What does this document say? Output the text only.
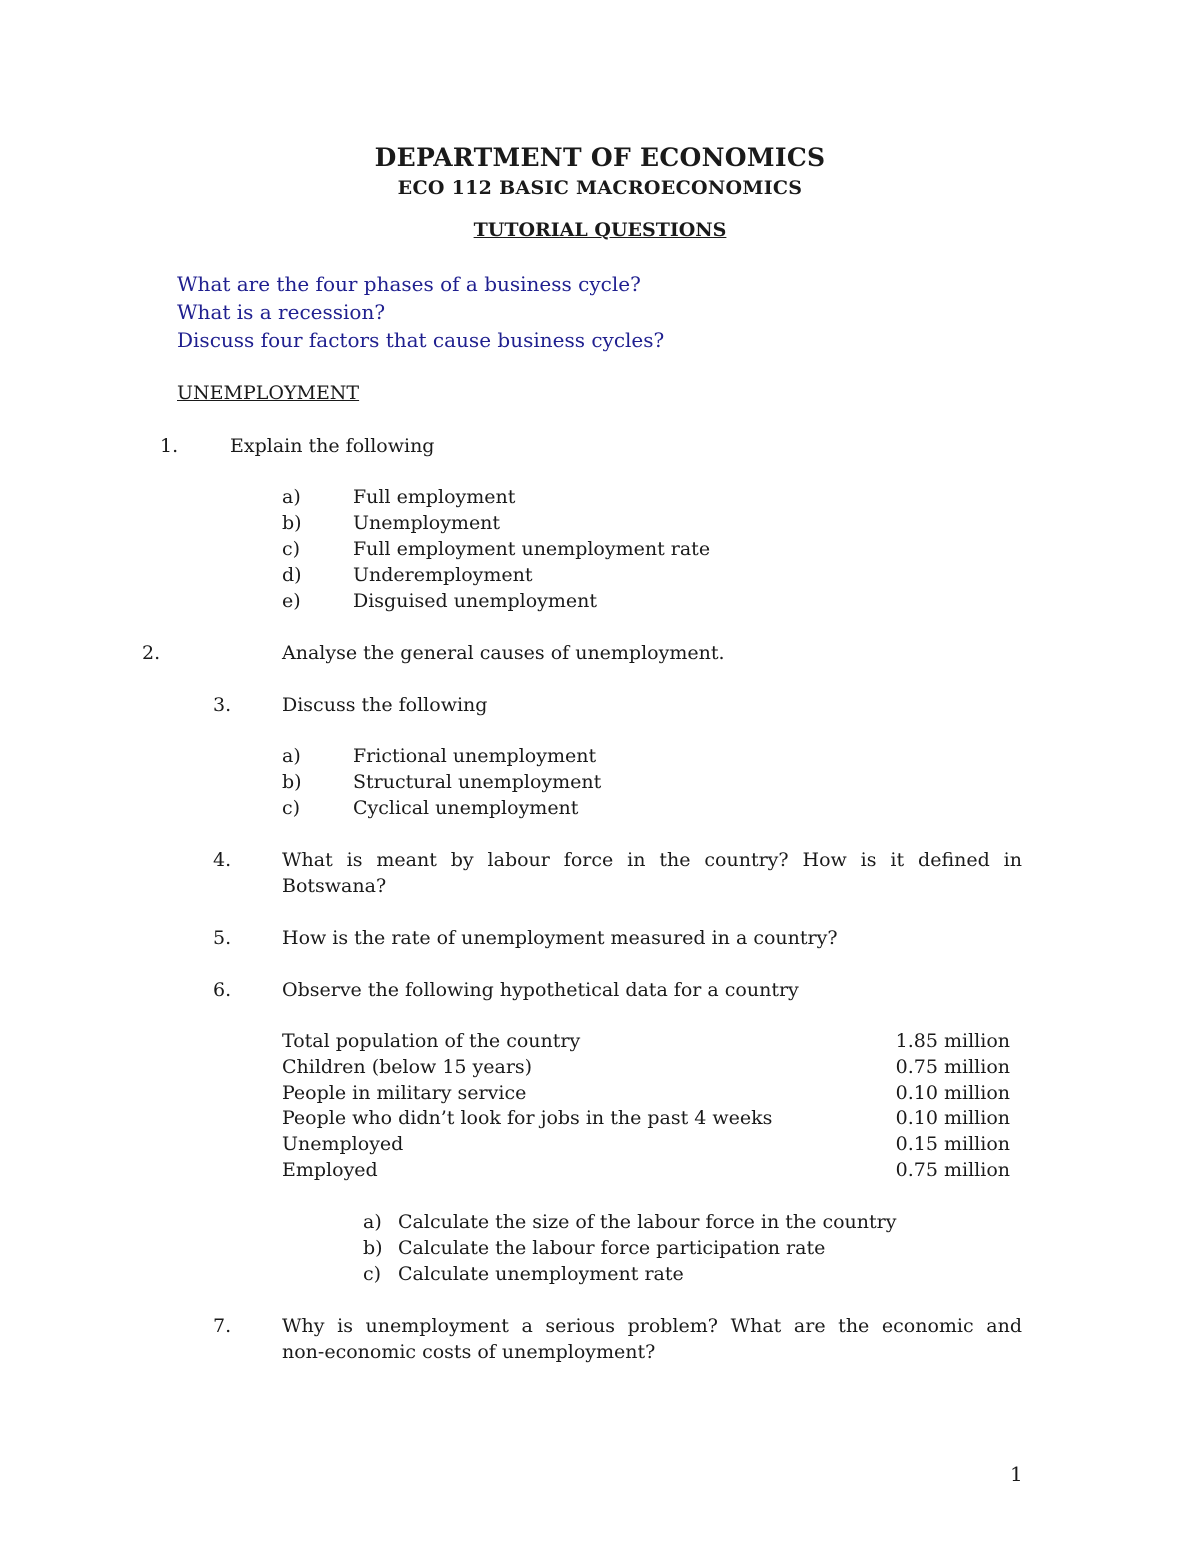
DEPARTMENT OF ECONOMICS
ECO 112 BASIC MACROECONOMICS
TUTORIAL QUESTIONS
What are the four phases of a business cycle?
What is a recession?
Discuss four factors that cause business cycles?
UNEMPLOYMENT
1.	Explain the following
a)	Full employment
b)	Unemployment
c)	Full employment unemployment rate
d)	Underemployment
e)	Disguised unemployment
2.	Analyse the general causes of unemployment.
3.	Discuss the following
a)	Frictional unemployment
b)	Structural unemployment
c)	Cyclical unemployment
4.	What is meant by labour force in the country? How is it defined in
Botswana?
5.	How is the rate of unemployment measured in a country?
6.	Observe the following hypothetical data for a country
Total population of the country	1.85 million
Children (below 15 years)	0.75 million
People in military service	0.10 million
People who didn’t look for jobs in the past 4 weeks	0.10 million
Unemployed	0.15 million
Employed	0.75 million
a) Calculate the size of the labour force in the country
b) Calculate the labour force participation rate
c) Calculate unemployment rate
7.	Why is unemployment a serious problem? What are the economic and
non-economic costs of unemployment?
1
